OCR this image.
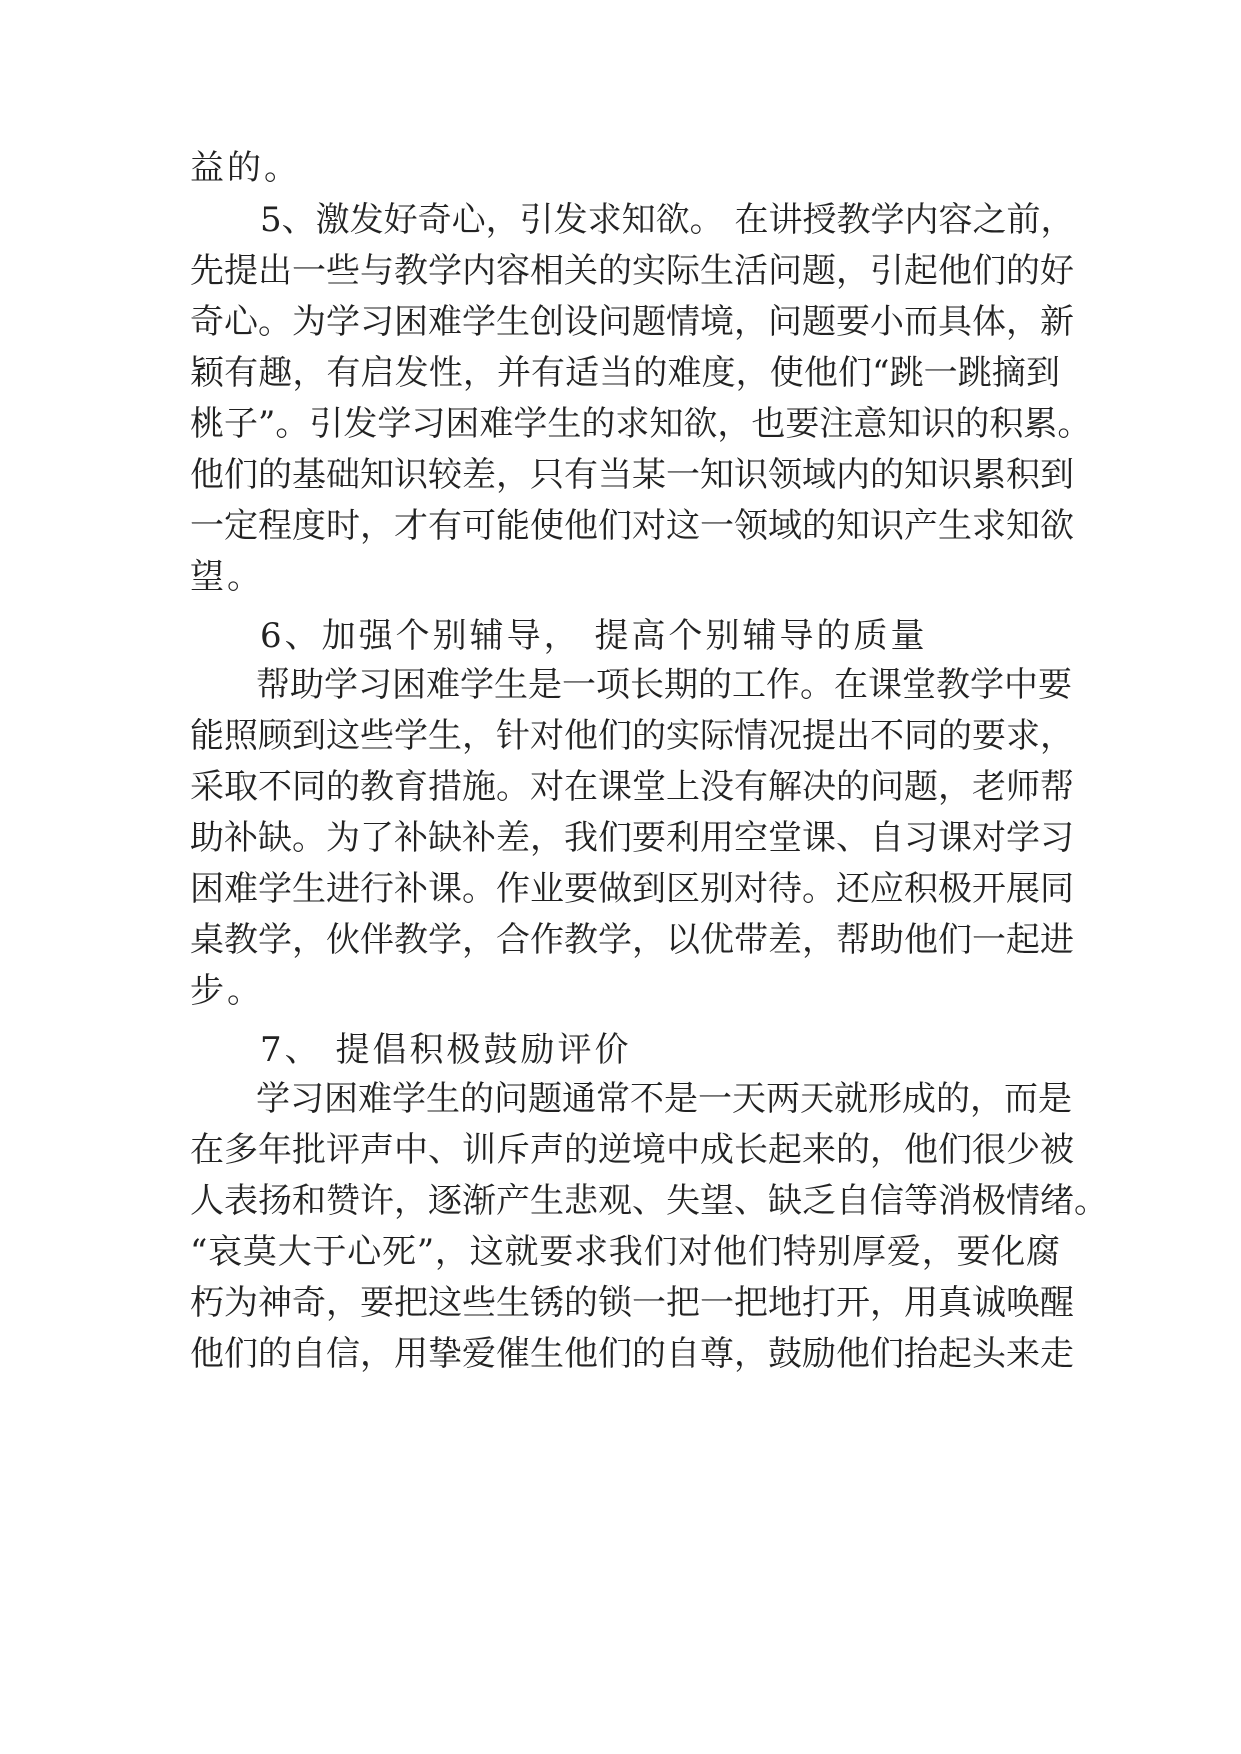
益的。
5、激发好奇心，引发求知欲。 在讲授教学内容之前，
先提出一些与教学内容相关的实际生活问题，引起他们的好
奇心。为学习困难学生创设问题情境，问题要小而具体，新
颖有趣，有启发性，并有适当的难度，使他们“跳一跳摘到
桃子”。引发学习困难学生的求知欲，也要注意知识的积累。
他们的基础知识较差，只有当某一知识领域内的知识累积到
一定程度时，才有可能使他们对这一领域的知识产生求知欲
望。
6、加强个别辅导， 提高个别辅导的质量
帮助学习困难学生是一项长期的工作。在课堂教学中要
能照顾到这些学生，针对他们的实际情况提出不同的要求，
采取不同的教育措施。对在课堂上没有解决的问题，老师帮
助补缺。为了补缺补差，我们要利用空堂课、自习课对学习
困难学生进行补课。作业要做到区别对待。还应积极开展同
桌教学，伙伴教学，合作教学，以优带差，帮助他们一起进
步。
7、 提倡积极鼓励评价
学习困难学生的问题通常不是一天两天就形成的，而是
在多年批评声中、训斥声的逆境中成长起来的，他们很少被
人表扬和赞许，逐渐产生悲观、失望、缺乏自信等消极情绪。
“哀莫大于心死”，这就要求我们对他们特别厚爱，要化腐
朽为神奇，要把这些生锈的锁一把一把地打开，用真诚唤醒
他们的自信，用挚爱催生他们的自尊，鼓励他们抬起头来走
